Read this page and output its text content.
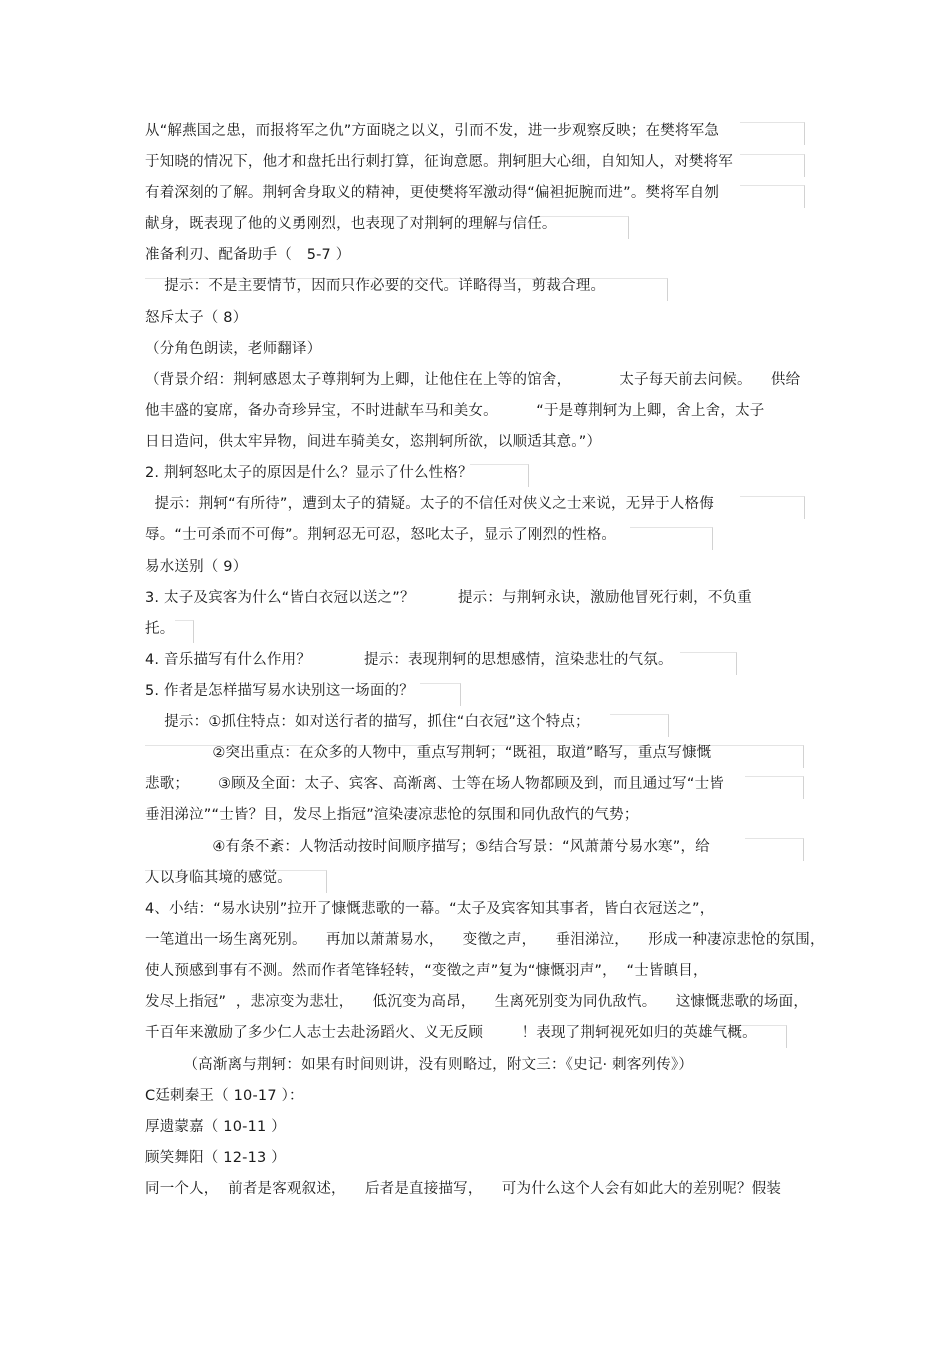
从“解燕国之患，而报将军之仇”方面晓之以义，引而不发，进一步观察反映；在樊将军急
于知晓的情况下，他才和盘托出行刺打算，征询意愿。荆轲胆大心细，自知知人，对樊将军
有着深刻的了解。荆轲舍身取义的精神，更使樊将军激动得“偏袒扼腕而进”。樊将军自刎
献身，既表现了他的义勇刚烈，也表现了对荆轲的理解与信任。
准备利刃、配备助手（　5-7 ）
提示：不是主要情节，因而只作必要的交代。详略得当，剪裁合理。
怒斥太子（ 8）
（分角色朗读，老师翻译）
（背景介绍：荆轲感恩太子尊荆轲为上卿，让他住在上等的馆舍，          太子每天前去问候。    供给
他丰盛的宴席，备办奇珍异宝，不时进献车马和美女。        “于是尊荆轲为上卿，舍上舍，太子
日日造问，供太牢异物，间进车骑美女，恣荆轲所欲，以顺适其意。”）
2. 荆轲怒叱太子的原因是什么？显示了什么性格？
提示：荆轲“有所待”，遭到太子的猜疑。太子的不信任对侠义之士来说，无异于人格侮
辱。“士可杀而不可侮”。荆轲忍无可忍，怒叱太子，显示了刚烈的性格。
易水送别（ 9）
3. 太子及宾客为什么“皆白衣冠以送之”？         提示：与荆轲永诀，激励他冒死行刺，不负重
托。
4. 音乐描写有什么作用？           提示：表现荆轲的思想感情，渲染悲壮的气氛。
5. 作者是怎样描写易水诀别这一场面的？
提示：①抓住特点：如对送行者的描写，抓住“白衣冠”这个特点；
②突出重点：在众多的人物中，重点写荆轲；“既祖，取道”略写，重点写慷慨
悲歌；      ③顾及全面：太子、宾客、高渐离、士等在场人物都顾及到，而且通过写“士皆
垂泪涕泣”“士皆？目，发尽上指冠”渲染凄凉悲怆的氛围和同仇敌忾的气势；
④有条不紊：人物活动按时间顺序描写；⑤结合写景：“风萧萧兮易水寒”，给
人以身临其境的感觉。
4、小结：“易水诀别”拉开了慷慨悲歌的一幕。“太子及宾客知其事者，皆白衣冠送之”，
一笔道出一场生离死别。    再加以萧萧易水，    变徵之声，    垂泪涕泣，    形成一种凄凉悲怆的氛围，
使人预感到事有不测。然而作者笔锋轻转，“变徵之声”复为“慷慨羽声”，  “士皆瞋目，
发尽上指冠”  ，悲凉变为悲壮，    低沉变为高昂，    生离死别变为同仇敌忾。    这慷慨悲歌的场面，
千百年来激励了多少仁人志士去赴汤蹈火、义无反顾        ！表现了荆轲视死如归的英雄气概。
（高渐离与荆轲：如果有时间则讲，没有则略过，附文三：《史记· 刺客列传》）
C廷刺秦王（ 10-17 ）：
厚遗蒙嘉（ 10-11 ）
顾笑舞阳（ 12-13 ）
同一个人，  前者是客观叙述，    后者是直接描写，    可为什么这个人会有如此大的差别呢？假装
